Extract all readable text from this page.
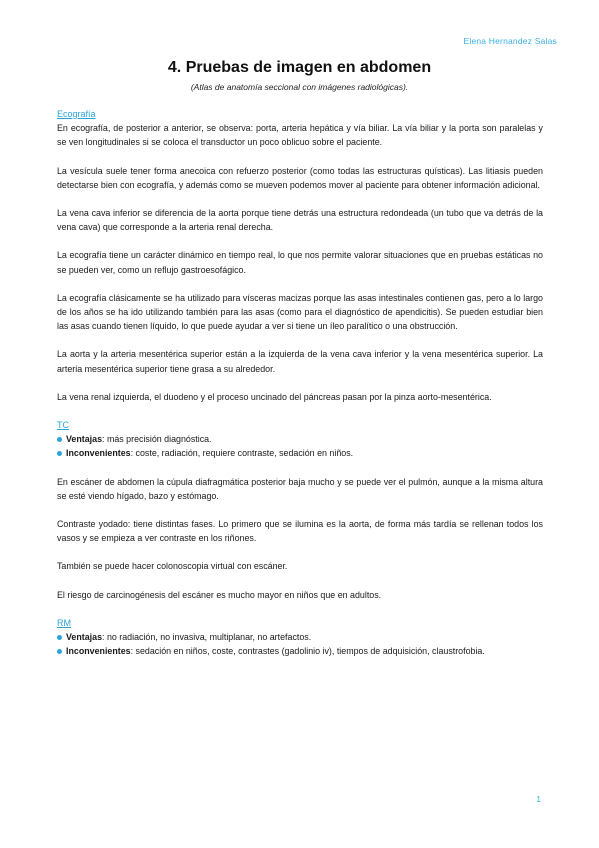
Elena Hernandez Salas
4. Pruebas de imagen en abdomen
(Atlas de anatomía seccional con imágenes radiológicas).
Ecografía

En ecografía, de posterior a anterior, se observa: porta, arteria hepática y vía biliar. La vía biliar y la porta son paralelas y se ven longitudinales si se coloca el transductor un poco oblicuo sobre el paciente.

La vesícula suele tener forma anecoica con refuerzo posterior (como todas las estructuras quísticas). Las litiasis pueden detectarse bien con ecografía, y además como se mueven podemos mover al paciente para obtener información adicional.

La vena cava inferior se diferencia de la aorta porque tiene detrás una estructura redondeada (un tubo que va detrás de la vena cava) que corresponde a la arteria renal derecha.

La ecografía tiene un carácter dinámico en tiempo real, lo que nos permite valorar situaciones que en pruebas estáticas no se pueden ver, como un reflujo gastroesofágico.

La ecografía clásicamente se ha utilizado para vísceras macizas porque las asas intestinales contienen gas, pero a lo largo de los años se ha ido utilizando también para las asas (como para el diagnóstico de apendicitis). Se pueden estudiar bien las asas cuando tienen líquido, lo que puede ayudar a ver si tiene un íleo paralítico o una obstrucción.

La aorta y la arteria mesentérica superior están a la izquierda de la vena cava inferior y la vena mesentérica superior. La arteria mesentérica superior tiene grasa a su alrededor.

La vena renal izquierda, el duodeno y el proceso uncinado del páncreas pasan por la pinza aorto-mesentérica.

TC
Ventajas: más precisión diagnóstica.
Inconvenientes: coste, radiación, requiere contraste, sedación en niños.

En escáner de abdomen la cúpula diafragmática posterior baja mucho y se puede ver el pulmón, aunque a la misma altura se esté viendo hígado, bazo y estómago.

Contraste yodado: tiene distintas fases. Lo primero que se ilumina es la aorta, de forma más tardía se rellenan todos los vasos y se empieza a ver contraste en los riñones.

También se puede hacer colonoscopia virtual con escáner.

El riesgo de carcinogénesis del escáner es mucho mayor en niños que en adultos.

RM
Ventajas: no radiación, no invasiva, multiplanar, no artefactos.
Inconvenientes: sedación en niños, coste, contrastes (gadolinio iv), tiempos de adquisición, claustrofobia.
1
